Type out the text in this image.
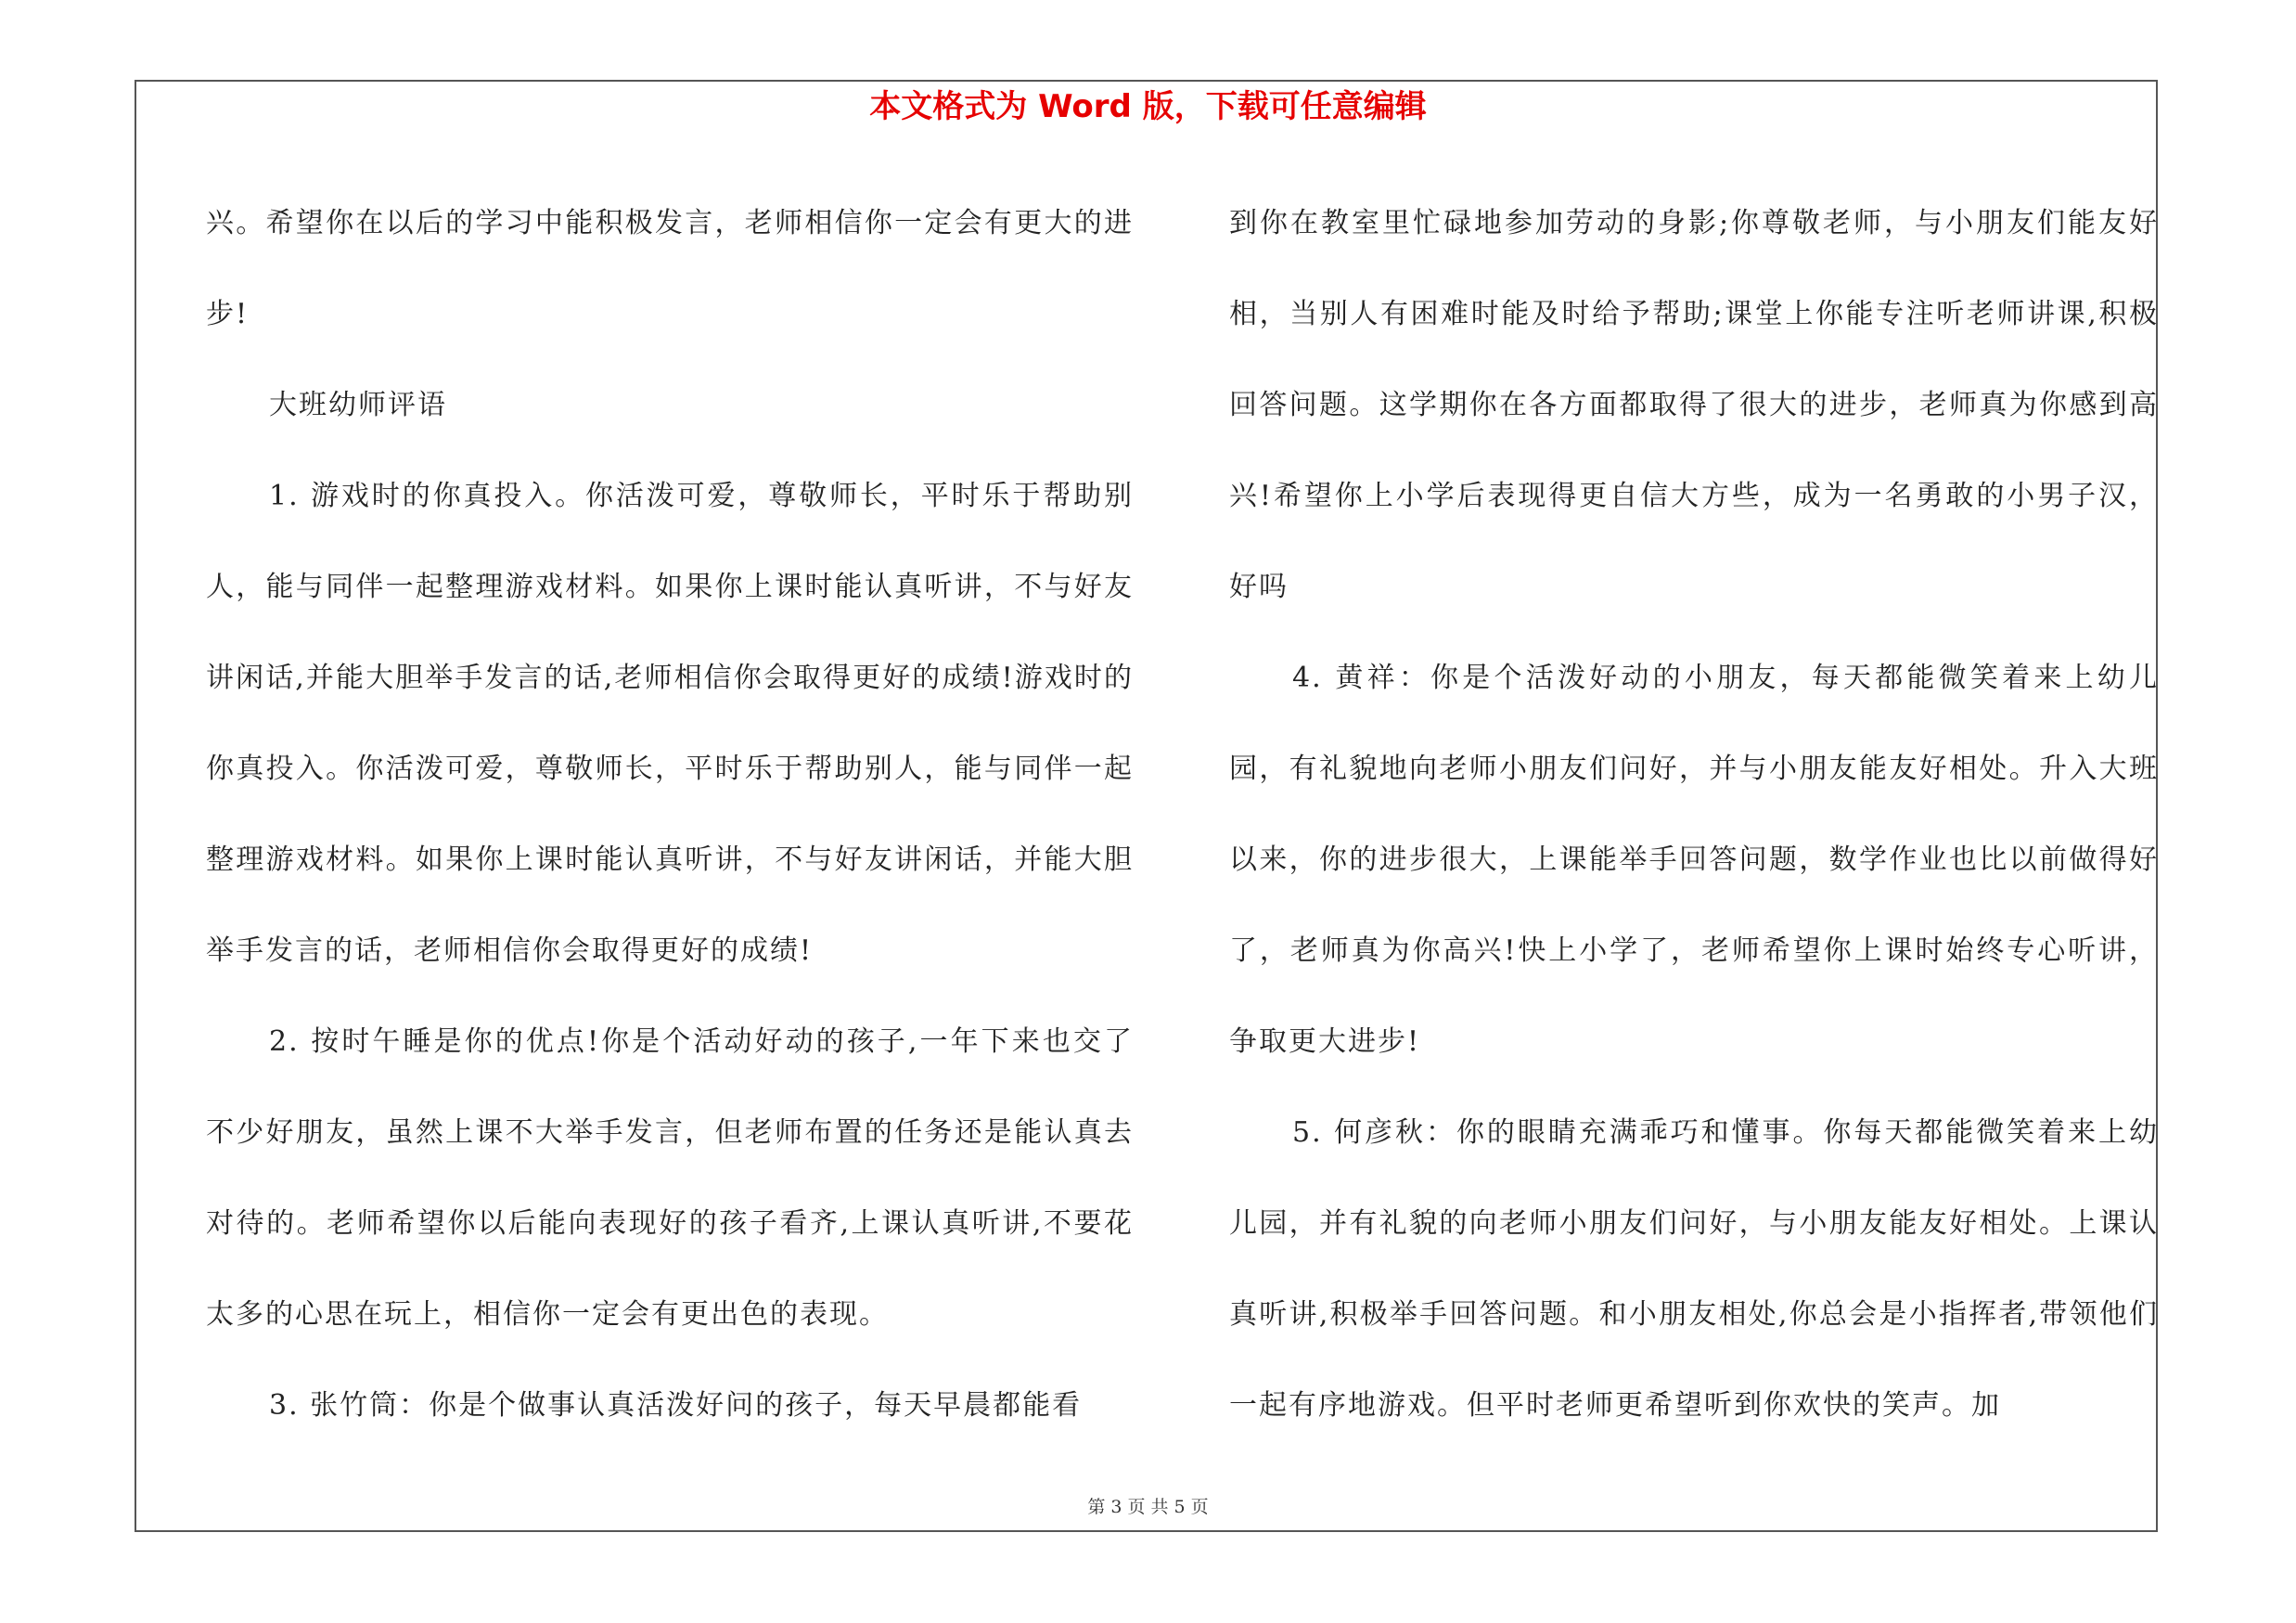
本文格式为 Word 版，下载可任意编辑

兴。希望你在以后的学习中能积极发言，老师相信你一定会有更大的进步!

大班幼师评语

1. 游戏时的你真投入。你活泼可爱，尊敬师长，平时乐于帮助别人，能与同伴一起整理游戏材料。如果你上课时能认真听讲，不与好友讲闲话,并能大胆举手发言的话,老师相信你会取得更好的成绩!游戏时的你真投入。你活泼可爱，尊敬师长，平时乐于帮助别人，能与同伴一起整理游戏材料。如果你上课时能认真听讲，不与好友讲闲话，并能大胆举手发言的话，老师相信你会取得更好的成绩!

2. 按时午睡是你的优点!你是个活动好动的孩子,一年下来也交了不少好朋友，虽然上课不大举手发言，但老师布置的任务还是能认真去对待的。老师希望你以后能向表现好的孩子看齐,上课认真听讲,不要花太多的心思在玩上，相信你一定会有更出色的表现。

3. 张竹筒：你是个做事认真活泼好问的孩子，每天早晨都能看

到你在教室里忙碌地参加劳动的身影;你尊敬老师，与小朋友们能友好相，当别人有困难时能及时给予帮助;课堂上你能专注听老师讲课,积极回答问题。这学期你在各方面都取得了很大的进步，老师真为你感到高兴!希望你上小学后表现得更自信大方些，成为一名勇敢的小男子汉，好吗

4. 黄祥：你是个活泼好动的小朋友，每天都能微笑着来上幼儿园，有礼貌地向老师小朋友们问好，并与小朋友能友好相处。升入大班以来，你的进步很大，上课能举手回答问题，数学作业也比以前做得好了，老师真为你高兴!快上小学了，老师希望你上课时始终专心听讲，争取更大进步!

5. 何彦秋：你的眼睛充满乖巧和懂事。你每天都能微笑着来上幼儿园，并有礼貌的向老师小朋友们问好，与小朋友能友好相处。上课认真听讲,积极举手回答问题。和小朋友相处,你总会是小指挥者,带领他们一起有序地游戏。但平时老师更希望听到你欢快的笑声。加

第 3 页 共 5 页
